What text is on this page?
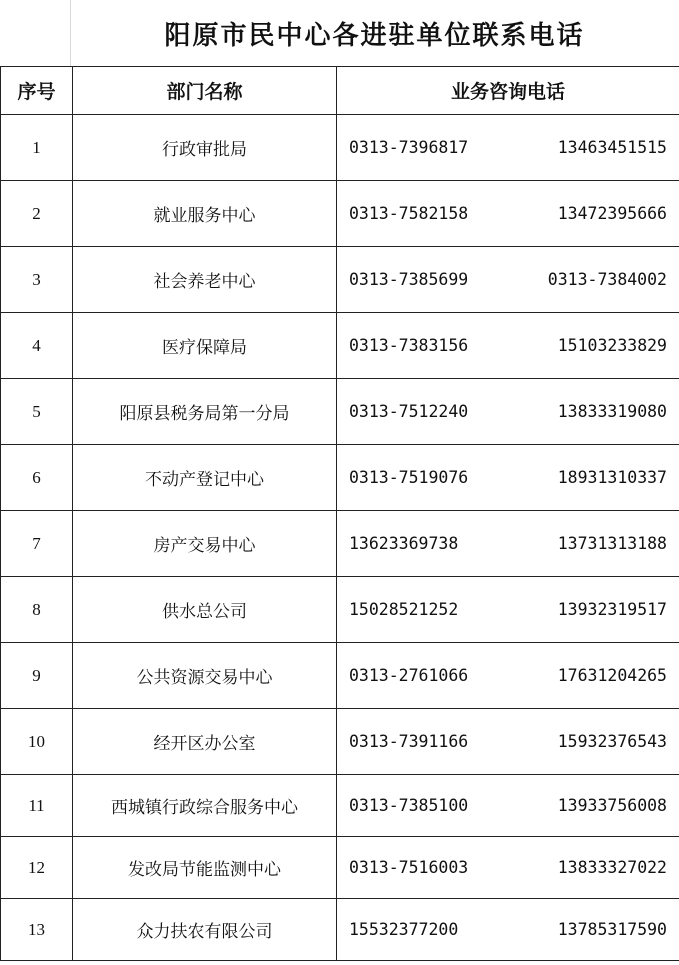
阳原市民中心各进驻单位联系电话
序号	部门名称	业务咨询电话
1	行政审批局	0313-7396817 13463451515

2	就业服务中心	0313-7582158 13472395666

3	社会养老中心	0313-7385699 0313-7384002

4	医疗保障局	0313-7383156 15103233829

5	阳原县税务局第一分局	0313-7512240 13833319080

6	不动产登记中心	0313-7519076 18931310337

7	房产交易中心	13623369738 13731313188

8	供水总公司	15028521252 13932319517

9	公共资源交易中心	0313-2761066 17631204265

10	经开区办公室	0313-7391166 15932376543

11	西城镇行政综合服务中心	0313-7385100 13933756008

12	发改局节能监测中心	0313-7516003 13833327022

13	众力扶农有限公司	15532377200 13785317590
